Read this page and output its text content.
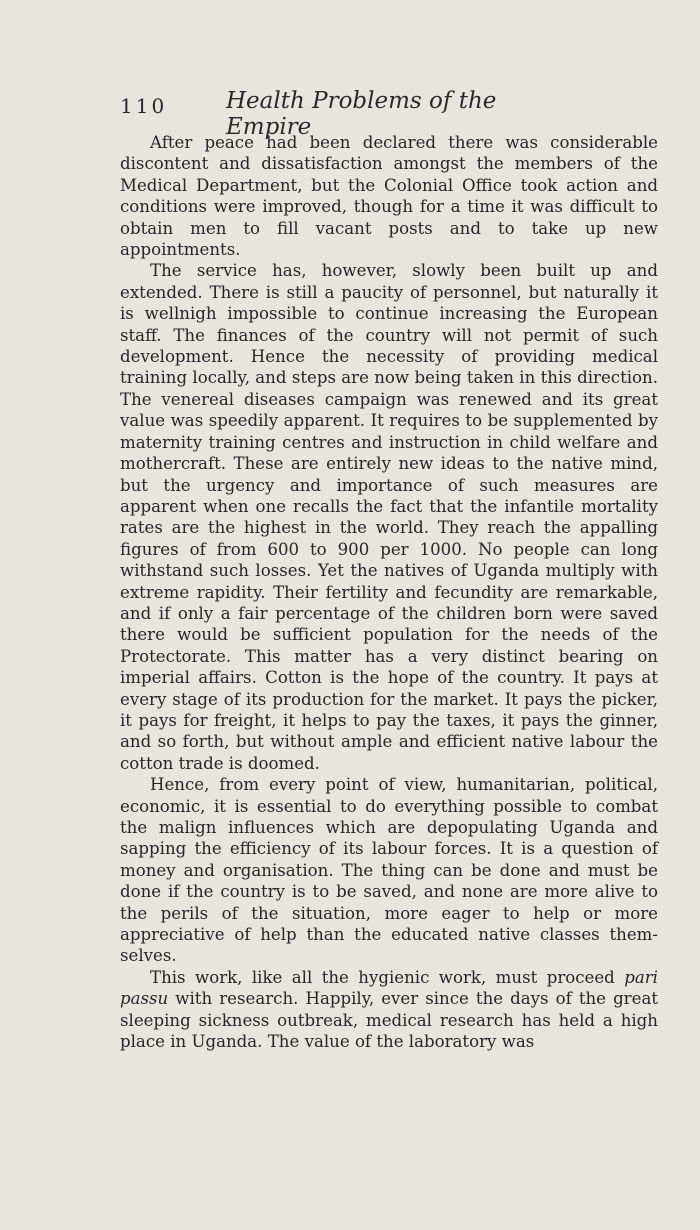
110	Health Problems of the Empire

After peace had been declared there was considerable discontent and dissatisfaction amongst the members of the Medical Department, but the Colonial Office took action and conditions were improved, though for a time it was difficult to obtain men to fill vacant posts and to take up new appointments.

The service has, however, slowly been built up and extended. There is still a paucity of personnel, but naturally it is wellnigh impossible to continue increasing the European staff. The finances of the country will not permit of such development. Hence the necessity of providing medical training locally, and steps are now being taken in this direction. The venereal diseases campaign was renewed and its great value was speedily apparent. It requires to be supplemented by maternity training centres and instruction in child welfare and mothercraft. These are entirely new ideas to the native mind, but the urgency and importance of such measures are apparent when one recalls the fact that the infantile mortality rates are the highest in the world. They reach the appalling figures of from 600 to 900 per 1000. No people can long withstand such losses. Yet the natives of Uganda multiply with extreme rapidity. Their fertility and fecundity are remarkable, and if only a fair percentage of the children born were saved there would be sufficient population for the needs of the Protectorate. This matter has a very distinct bearing on imperial affairs. Cotton is the hope of the country. It pays at every stage of its production for the market. It pays the picker, it pays for freight, it helps to pay the taxes, it pays the ginner, and so forth, but without ample and efficient native labour the cotton trade is doomed.

Hence, from every point of view, humanitarian, political, economic, it is essential to do everything possible to combat the malign influences which are depopulating Uganda and sapping the efficiency of its labour forces. It is a question of money and organisation. The thing can be done and must be done if the country is to be saved, and none are more alive to the perils of the situation, more eager to help or more appreciative of help than the educated native classes themselves.

This work, like all the hygienic work, must proceed pari passu with research. Happily, ever since the days of the great sleeping sickness outbreak, medical research has held a high place in Uganda. The value of the laboratory was
